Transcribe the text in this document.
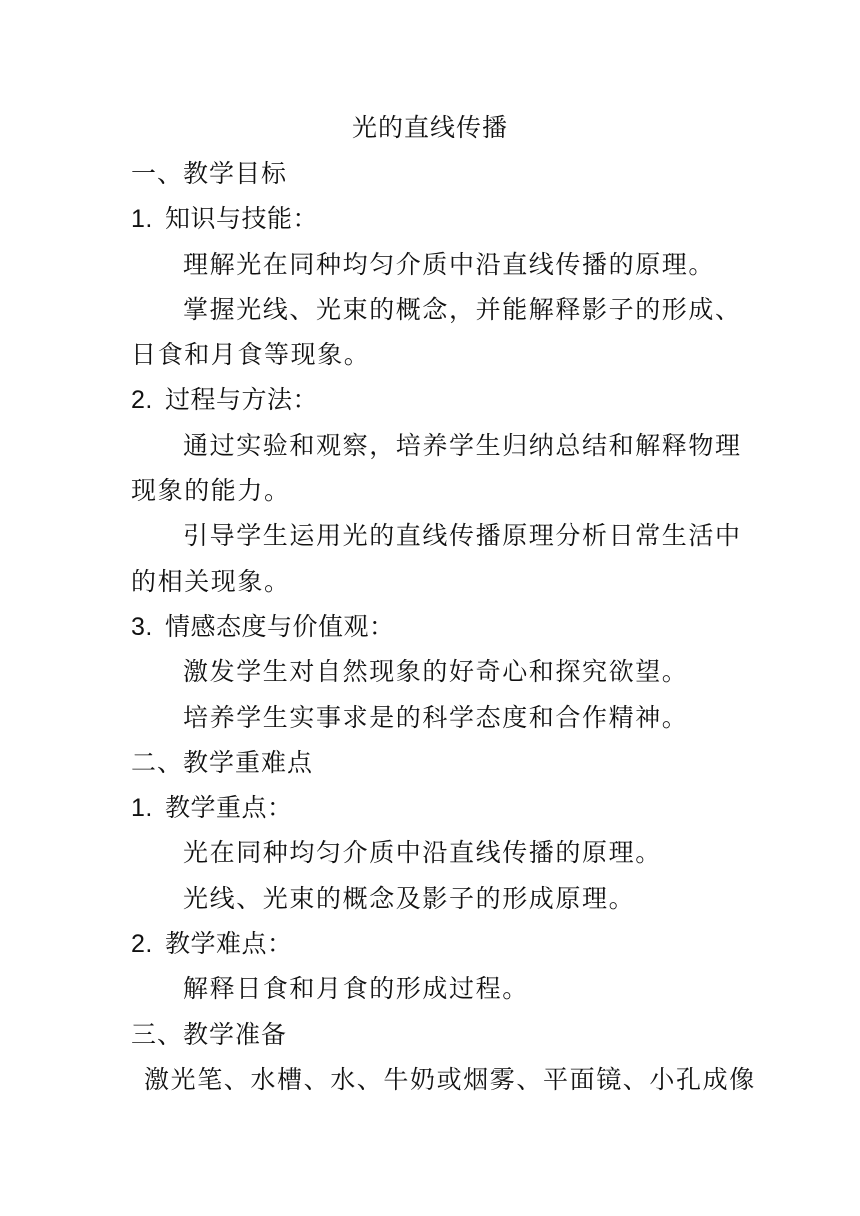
光的直线传播
一、教学目标
1. 知识与技能：
理解光在同种均匀介质中沿直线传播的原理。
掌握光线、光束的概念，并能解释影子的形成、
日食和月食等现象。
2. 过程与方法：
通过实验和观察，培养学生归纳总结和解释物理
现象的能力。
引导学生运用光的直线传播原理分析日常生活中
的相关现象。
3. 情感态度与价值观：
激发学生对自然现象的好奇心和探究欲望。
培养学生实事求是的科学态度和合作精神。
二、教学重难点
1. 教学重点：
光在同种均匀介质中沿直线传播的原理。
光线、光束的概念及影子的形成原理。
2. 教学难点：
解释日食和月食的形成过程。
三、教学准备
激光笔、水槽、水、牛奶或烟雾、平面镜、小孔成像
